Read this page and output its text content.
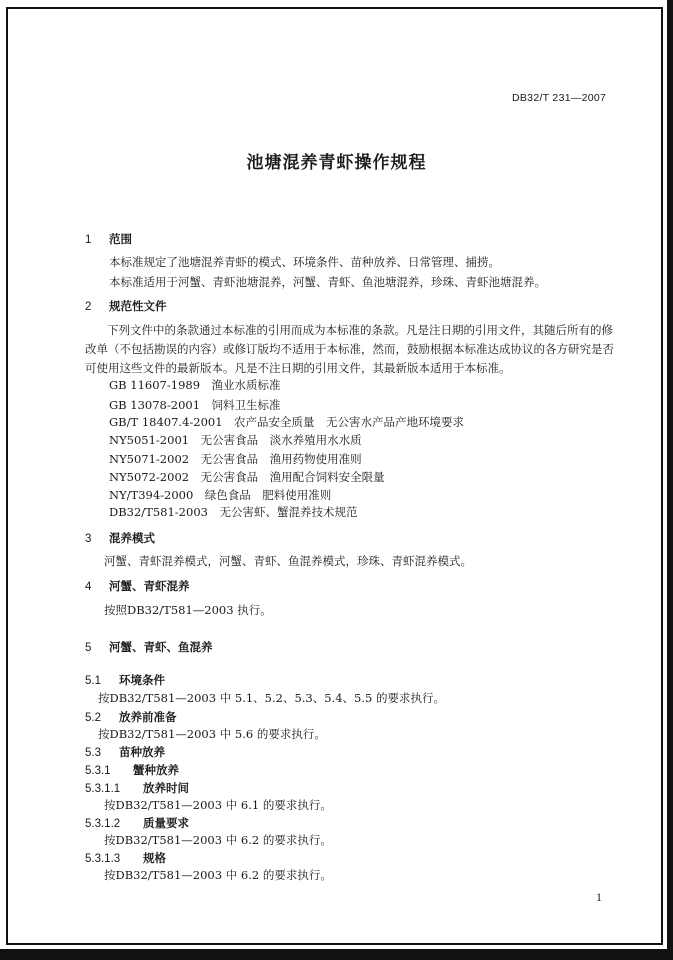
DB32/T 231—2007
池塘混养青虾操作规程
1 范围
本标准规定了池塘混养青虾的模式、环境条件、苗种放养、日常管理、捕捞。
本标准适用于河蟹、青虾池塘混养，河蟹、青虾、鱼池塘混养，珍珠、青虾池塘混养。
2 规范性文件
下列文件中的条款通过本标准的引用而成为本标准的条款。凡是注日期的引用文件，其随后所有的修改单（不包括勘误的内容）或修订版均不适用于本标准，然而，鼓励根据本标准达成协议的各方研究是否可使用这些文件的最新版本。凡是不注日期的引用文件，其最新版本适用于本标准。
GB 11607-1989　渔业水质标准
GB 13078-2001　饲料卫生标准
GB/T 18407.4-2001　农产品安全质量　无公害水产品产地环境要求
NY5051-2001　无公害食品　淡水养殖用水水质
NY5071-2002　无公害食品　渔用药物使用准则
NY5072-2002　无公害食品　渔用配合饲料安全限量
NY/T394-2000　绿色食品　肥料使用准则
DB32/T581-2003　无公害虾、蟹混养技术规范
3 混养模式
河蟹、青虾混养模式，河蟹、青虾、鱼混养模式，珍珠、青虾混养模式。
4 河蟹、青虾混养
按照DB32/T581—2003 执行。
5 河蟹、青虾、鱼混养
5.1 环境条件
按DB32/T581—2003 中 5.1、5.2、5.3、5.4、5.5 的要求执行。
5.2 放养前准备
按DB32/T581—2003 中 5.6 的要求执行。
5.3 苗种放养
5.3.1 蟹种放养
5.3.1.1 放养时间
按DB32/T581—2003 中 6.1 的要求执行。
5.3.1.2 质量要求
按DB32/T581—2003 中 6.2 的要求执行。
5.3.1.3 规格
按DB32/T581—2003 中 6.2 的要求执行。
1
